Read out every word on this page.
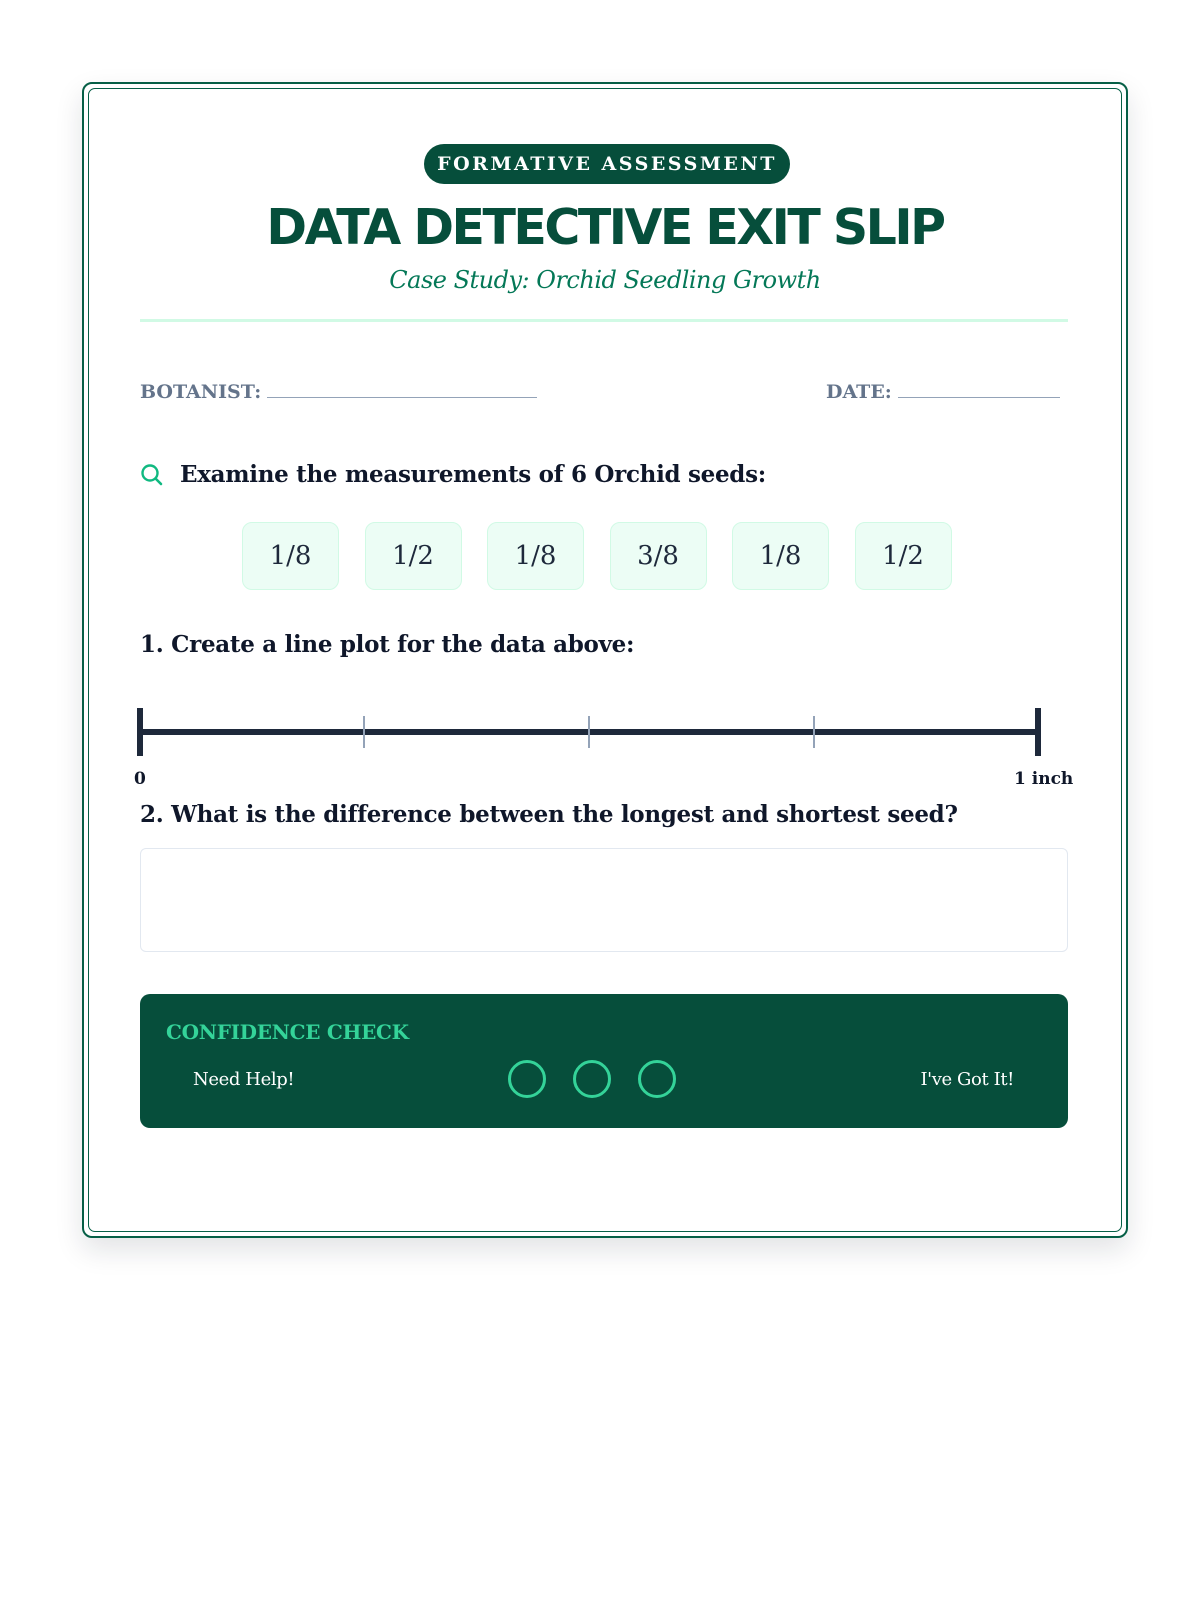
FORMATIVE ASSESSMENT
DATA DETECTIVE EXIT SLIP
Case Study: Orchid Seedling Growth
BOTANIST:	DATE:
Examine the measurements of 6 Orchid seeds:
1/8	1/2	1/8	3/8	1/8	1/2
1. Create a line plot for the data above:
0	1 inch
2. What is the difference between the longest and shortest seed?
CONFIDENCE CHECK
Need Help!	I've Got It!
